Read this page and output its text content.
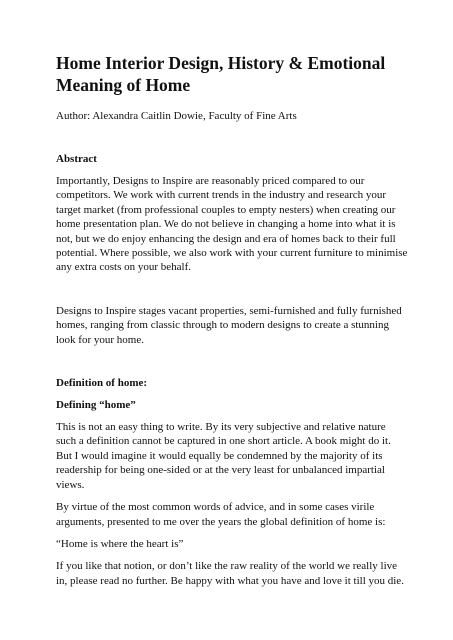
Home Interior Design, History & Emotional Meaning of Home

Author: Alexandra Caitlin Dowie, Faculty of Fine Arts

Abstract

Importantly, Designs to Inspire are reasonably priced compared to our competitors. We work with current trends in the industry and research your target market (from professional couples to empty nesters) when creating our home presentation plan. We do not believe in changing a home into what it is not, but we do enjoy enhancing the design and era of homes back to their full potential. Where possible, we also work with your current furniture to minimise any extra costs on your behalf.

Designs to Inspire stages vacant properties, semi-furnished and fully furnished homes, ranging from classic through to modern designs to create a stunning look for your home.

Definition of home:

Defining “home”

This is not an easy thing to write. By its very subjective and relative nature such a definition cannot be captured in one short article. A book might do it. But I would imagine it would equally be condemned by the majority of its readership for being one-sided or at the very least for unbalanced impartial views.

By virtue of the most common words of advice, and in some cases virile arguments, presented to me over the years the global definition of home is:

“Home is where the heart is”

If you like that notion, or don’t like the raw reality of the world we really live in, please read no further. Be happy with what you have and love it till you die.
